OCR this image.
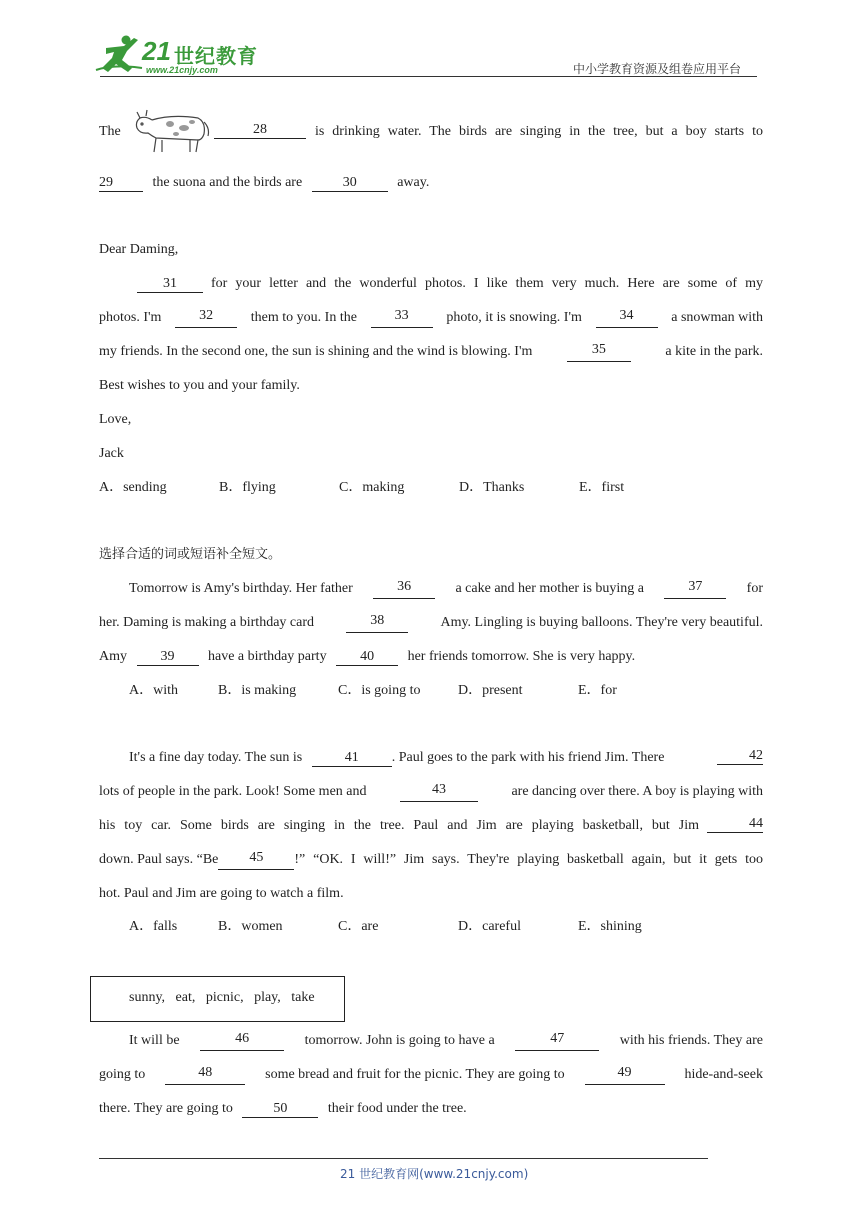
21 世纪教育
www.21cnjy.com	中小学教育资源及组卷应用平台
The	28	is drinking water. The birds are singing in the tree, but a boy starts to
29	the suona and the birds are	30	away.
Dear Daming,
31	for your letter and the wonderful photos. I like them very much. Here are some of my
photos. I'm	32	them to you. In the	33	photo, it is snowing. I'm	34	a snowman with
my friends. In the second one, the sun is shining and the wind is blowing. I'm	35	a kite in the park.
Best wishes to you and your family.
Love,
Jack
A．sending	B．flying	C．making	D．Thanks	E．first
选择合适的词或短语补全短文。
Tomorrow is Amy's birthday. Her father	36	a cake and her mother is buying a	37	for
her. Daming is making a birthday card	38	Amy. Lingling is buying balloons. They're very beautiful.
Amy 39 have a birthday party 40 her friends tomorrow. She is very happy.
A．with	B．is making	C．is going to	D．present	E．for
It's a fine day today. The sun is	41 . Paul goes to the park with his friend Jim. There	42
lots of people in the park. Look! Some men and	43	are dancing over there. A boy is playing with
his toy car. Some birds are singing in the tree. Paul and Jim are playing basketball, but Jim	44
down. Paul says. “Be	45	!” “OK. I will!” Jim says. They're playing basketball again, but it gets too
hot. Paul and Jim are going to watch a film.
A．falls	B．women	C．are	D．careful	E．shining
sunny,   eat,   picnic,   play,   take
It will be	46	tomorrow. John is going to have a	47	with his friends. They are
going to	48	some bread and fruit for the picnic. They are going to	49	hide-and-seek
there. They are going to	50	their food under the tree.
21 世纪教育网(www.21cnjy.com)
